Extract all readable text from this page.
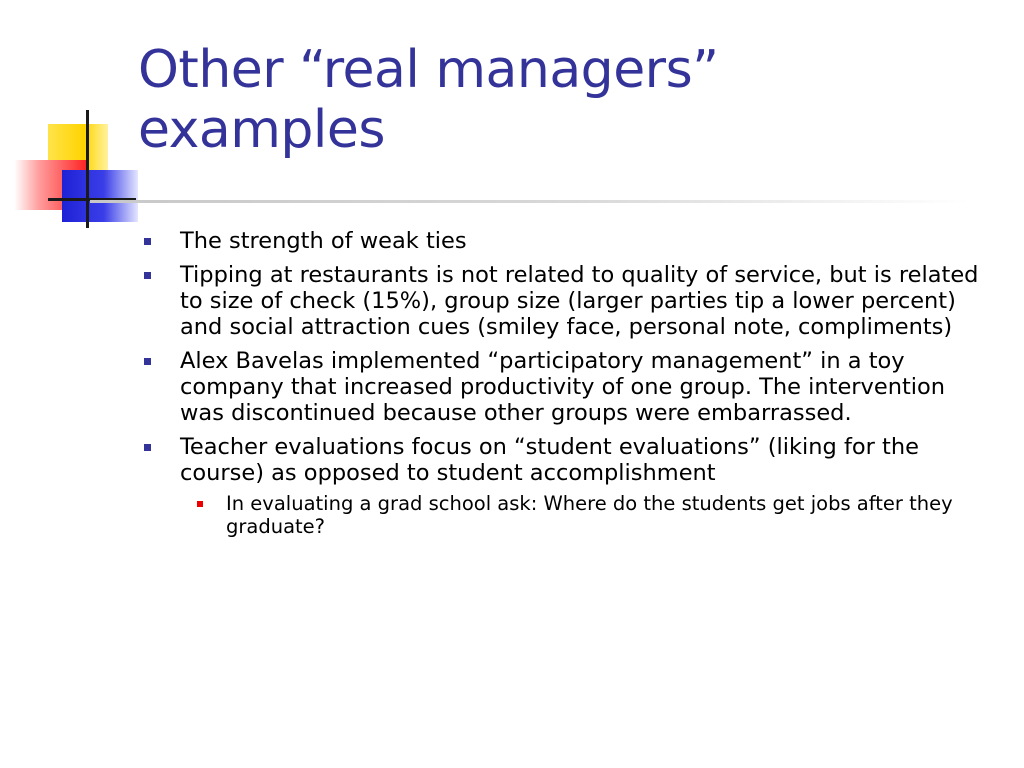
Other “real managers”
examples
The strength of weak ties
Tipping at restaurants is not related to quality of service, but is related to size of check (15%), group size (larger parties tip a lower percent) and social attraction cues (smiley face, personal note, compliments)
Alex Bavelas implemented “participatory management” in a toy company that increased productivity of one group. The intervention was discontinued because other groups were embarrassed.
Teacher evaluations focus on “student evaluations” (liking for the course) as opposed to student accomplishment
In evaluating a grad school ask: Where do the students get jobs after they graduate?
